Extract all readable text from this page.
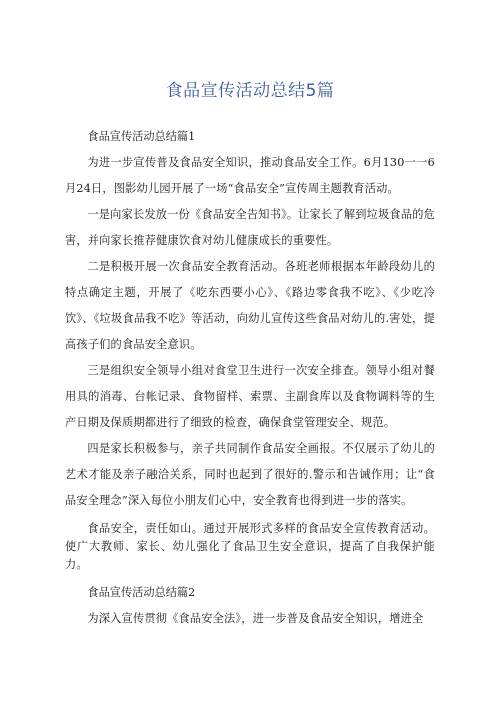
食品宣传活动总结5篇

食品宣传活动总结篇1

为进一步宣传普及食品安全知识，推动食品安全工作。6月130一一6月24日，图影幼儿园开展了一场“食品安全”宣传周主题教育活动。

一是向家长发放一份《食品安全告知书》。让家长了解到垃圾食品的危害，并向家长推荐健康饮食对幼儿健康成长的重要性。

二是积极开展一次食品安全教育活动。各班老师根据本年龄段幼儿的特点确定主题，开展了《吃东西要小心》、《路边零食我不吃》、《少吃冷饮》、《垃圾食品我不吃》等活动，向幼儿宣传这些食品对幼儿的.害处，提高孩子们的食品安全意识。

三是组织安全领导小组对食堂卫生进行一次安全排查。领导小组对餐用具的消毒、台帐记录、食物留样、索票、主副食库以及食物调料等的生产日期及保质期都进行了细致的检查，确保食堂管理安全、规范。

四是家长积极参与，亲子共同制作食品安全画报。不仅展示了幼儿的艺术才能及亲子融洽关系，同时也起到了很好的.警示和告诫作用；让“食品安全理念”深入每位小朋友们心中，安全教育也得到进一步的落实。

食品安全，责任如山。通过开展形式多样的食品安全宣传教育活动。使广大教师、家长、幼儿强化了食品卫生安全意识，提高了自我保护能力。

食品宣传活动总结篇2

为深入宣传贯彻《食品安全法》，进一步普及食品安全知识，增进全
